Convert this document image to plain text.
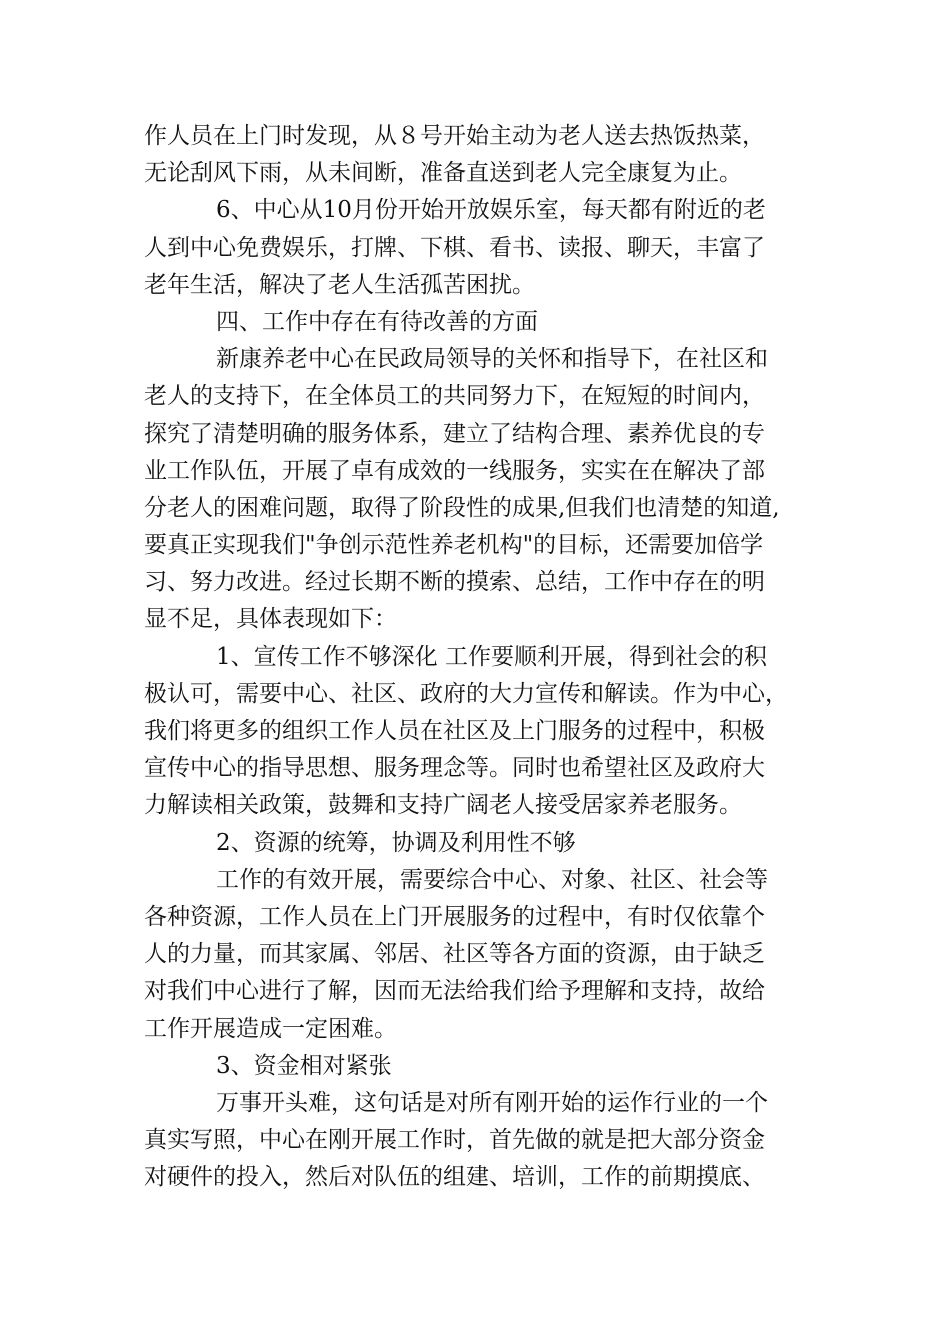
作人员在上门时发现，从８号开始主动为老人送去热饭热菜，
无论刮风下雨，从未间断，准备直送到老人完全康复为止。
6、中心从10月份开始开放娱乐室，每天都有附近的老
人到中心免费娱乐，打牌、下棋、看书、读报、聊天，丰富了
老年生活，解决了老人生活孤苦困扰。
四、工作中存在有待改善的方面
新康养老中心在民政局领导的关怀和指导下，在社区和
老人的支持下，在全体员工的共同努力下，在短短的时间内，
探究了清楚明确的服务体系，建立了结构合理、素养优良的专
业工作队伍，开展了卓有成效的一线服务，实实在在解决了部
分老人的困难问题，取得了阶段性的成果,但我们也清楚的知道,
要真正实现我们"争创示范性养老机构"的目标，还需要加倍学
习、努力改进。经过长期不断的摸索、总结，工作中存在的明
显不足，具体表现如下：
1、宣传工作不够深化 工作要顺利开展，得到社会的积
极认可，需要中心、社区、政府的大力宣传和解读。作为中心，
我们将更多的组织工作人员在社区及上门服务的过程中，积极
宣传中心的指导思想、服务理念等。同时也希望社区及政府大
力解读相关政策，鼓舞和支持广阔老人接受居家养老服务。
2、资源的统筹，协调及利用性不够
工作的有效开展，需要综合中心、对象、社区、社会等
各种资源，工作人员在上门开展服务的过程中，有时仅依靠个
人的力量，而其家属、邻居、社区等各方面的资源，由于缺乏
对我们中心进行了解，因而无法给我们给予理解和支持，故给
工作开展造成一定困难。
3、资金相对紧张
万事开头难，这句话是对所有刚开始的运作行业的一个
真实写照，中心在刚开展工作时，首先做的就是把大部分资金
对硬件的投入，然后对队伍的组建、培训，工作的前期摸底、
